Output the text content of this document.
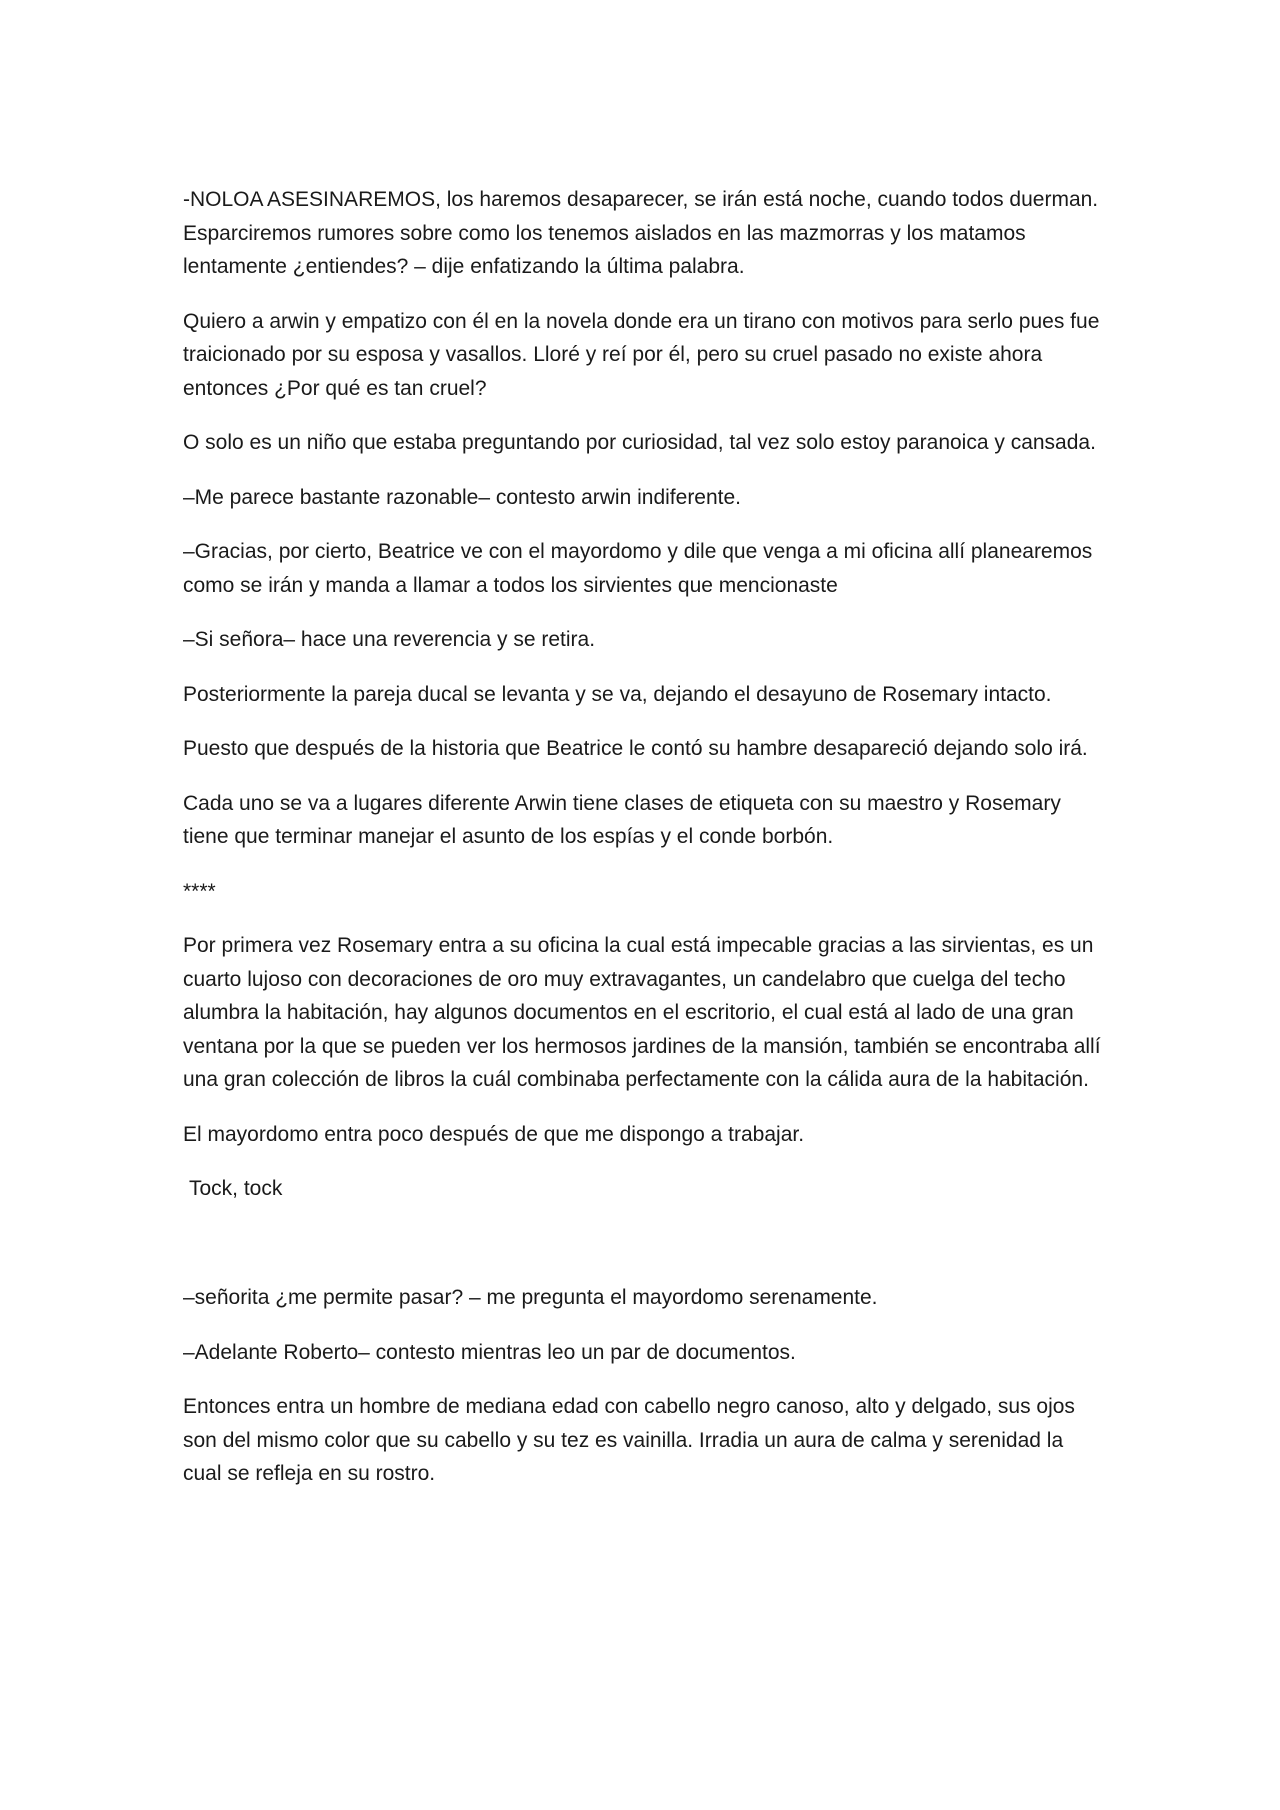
-NOLOA ASESINAREMOS, los haremos desaparecer, se irán está noche, cuando todos duerman. Esparciremos rumores sobre como los tenemos aislados en las mazmorras y los matamos lentamente ¿entiendes? – dije enfatizando la última palabra.

Quiero a arwin y empatizo con él en la novela donde era un tirano con motivos para serlo pues fue traicionado por su esposa y vasallos. Lloré y reí por él, pero su cruel pasado no existe ahora entonces ¿Por qué es tan cruel?

O solo es un niño que estaba preguntando por curiosidad, tal vez solo estoy paranoica y cansada.

–Me parece bastante razonable– contesto arwin indiferente.

–Gracias, por cierto, Beatrice ve con el mayordomo y dile que venga a mi oficina allí planearemos como se irán y manda a llamar a todos los sirvientes que mencionaste

–Si señora– hace una reverencia y se retira.

Posteriormente la pareja ducal se levanta y se va, dejando el desayuno de Rosemary intacto.

Puesto que después de la historia que Beatrice le contó su hambre desapareció dejando solo irá.

Cada uno se va a lugares diferente Arwin tiene clases de etiqueta con su maestro y Rosemary tiene que terminar manejar el asunto de los espías y el conde borbón.

****

Por primera vez Rosemary entra a su oficina la cual está impecable gracias a las sirvientas, es un cuarto lujoso con decoraciones de oro muy extravagantes, un candelabro que cuelga del techo alumbra la habitación, hay algunos documentos en el escritorio, el cual está al lado de una gran ventana por la que se pueden ver los hermosos jardines de la mansión, también se encontraba allí una gran colección de libros la cuál combinaba perfectamente con la cálida aura de la habitación.

El mayordomo entra poco después de que me dispongo a trabajar.

Tock, tock

–señorita ¿me permite pasar? – me pregunta el mayordomo serenamente.

–Adelante Roberto– contesto mientras leo un par de documentos.

Entonces entra un hombre de mediana edad con cabello negro canoso, alto y delgado, sus ojos son del mismo color que su cabello y su tez es vainilla. Irradia un aura de calma y serenidad la cual se refleja en su rostro.
